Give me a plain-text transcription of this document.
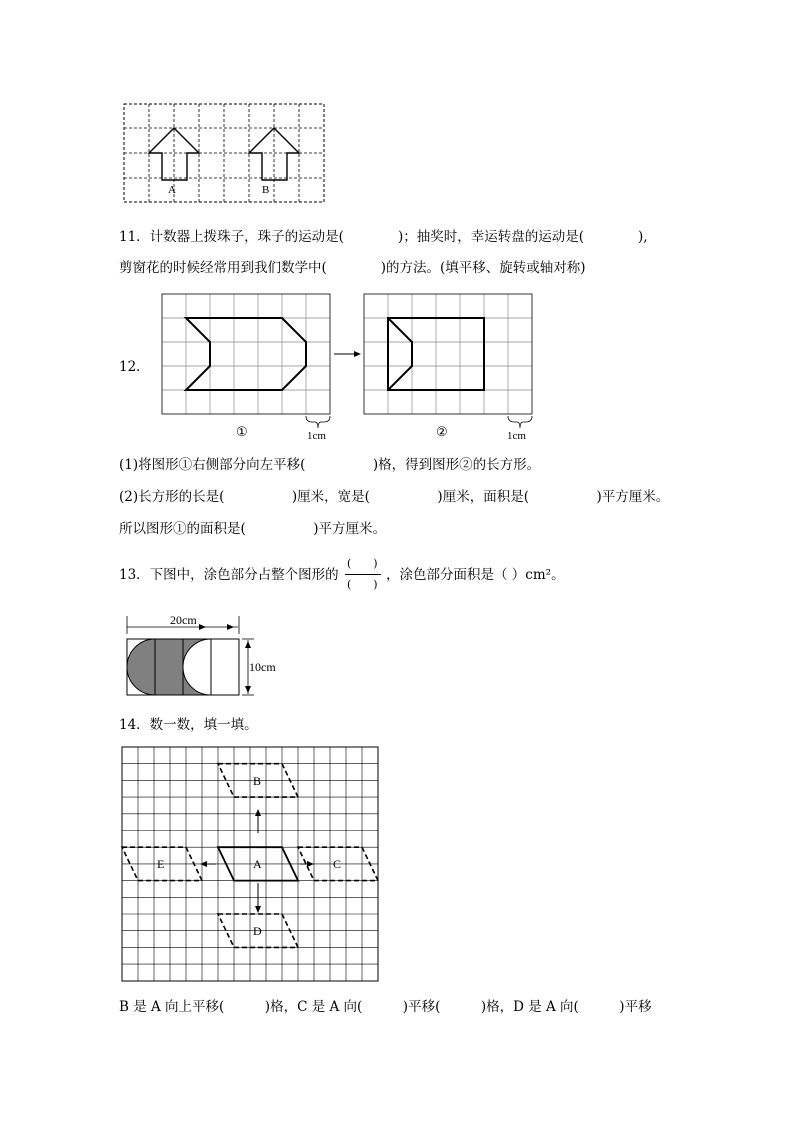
A	B
11．计数器上拨珠子，珠子的运动是(　　　　)；抽奖时，幸运转盘的运动是(　　　　),
剪窗花的时候经常用到我们数学中(　　　　)的方法。(填平移、旋转或轴对称)
12．
1cm
①	1cm
②
(1)将图形①右侧部分向左平移(　　　　　)格，得到图形②的长方形。
(2)长方形的长是(　　　　　)厘米，宽是(　　　　　)厘米，面积是(　　　　　)平方厘米。
所以图形①的面积是(　　　　　)平方厘米。
13．下图中，涂色部分占整个图形的
(　　)
(　　)
，涂色部分面积是（ ）cm²。
20cm
10cm
14．数一数，填一填。
A
B
C
D
E
B 是 A 向上平移(　　　)格，C 是 A 向(　　　)平移(　　　)格，D 是 A 向(　　　)平移
